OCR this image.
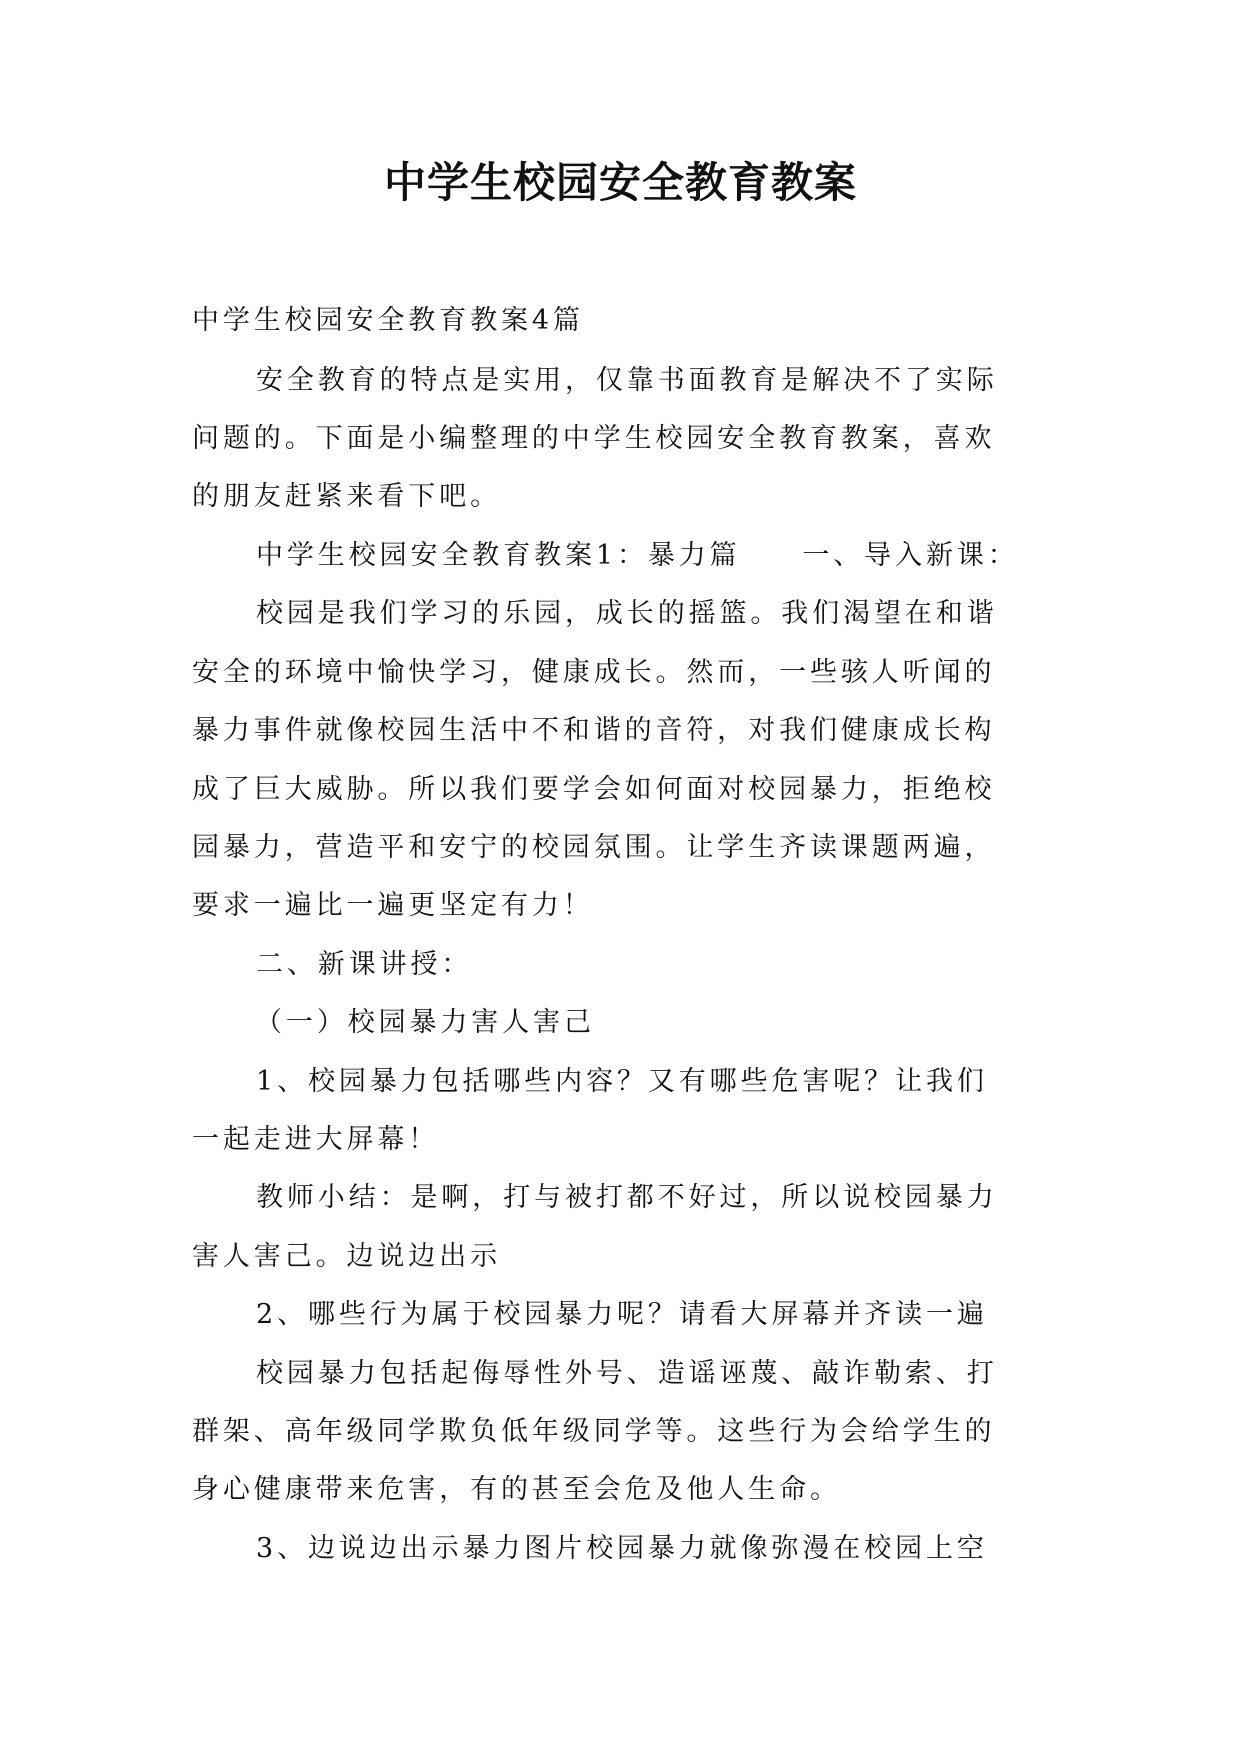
中学生校园安全教育教案

中学生校园安全教育教案4篇

安全教育的特点是实用，仅靠书面教育是解决不了实际

问题的。下面是小编整理的中学生校园安全教育教案，喜欢

的朋友赶紧来看下吧。

中学生校园安全教育教案1：暴力篇　　一、导入新课：

校园是我们学习的乐园，成长的摇篮。我们渴望在和谐

安全的环境中愉快学习，健康成长。然而，一些骇人听闻的

暴力事件就像校园生活中不和谐的音符，对我们健康成长构

成了巨大威胁。所以我们要学会如何面对校园暴力，拒绝校

园暴力，营造平和安宁的校园氛围。让学生齐读课题两遍，

要求一遍比一遍更坚定有力！

二、新课讲授：

（一）校园暴力害人害己

1、校园暴力包括哪些内容？又有哪些危害呢？让我们

一起走进大屏幕！

教师小结：是啊，打与被打都不好过，所以说校园暴力

害人害己。边说边出示

2、哪些行为属于校园暴力呢？请看大屏幕并齐读一遍

校园暴力包括起侮辱性外号、造谣诬蔑、敲诈勒索、打

群架、高年级同学欺负低年级同学等。这些行为会给学生的

身心健康带来危害，有的甚至会危及他人生命。

3、边说边出示暴力图片校园暴力就像弥漫在校园上空
